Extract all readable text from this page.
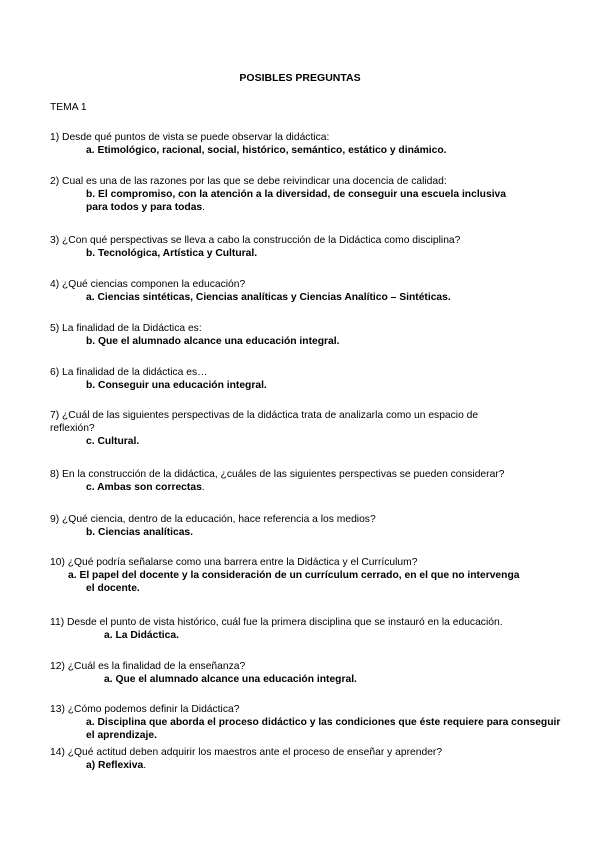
POSIBLES PREGUNTAS
TEMA 1
1) Desde qué puntos de vista se puede observar la didáctica:
a. Etimológico, racional, social, histórico, semántico, estático y dinámico.
2) Cual es una de las razones por las que se debe reivindicar una docencia de calidad:
b. El compromiso, con la atención a la diversidad, de conseguir una escuela inclusiva para todos y para todas.
3) ¿Con qué perspectivas se lleva a cabo la construcción de la Didáctica como disciplina?
b. Tecnológica, Artística y Cultural.
4) ¿Qué ciencias componen la educación?
a. Ciencias sintéticas, Ciencias analíticas y Ciencias Analítico – Sintéticas.
5) La finalidad de la Didáctica es:
b. Que el alumnado alcance una educación integral.
6) La finalidad de la didáctica es…
b. Conseguir una educación integral.
7) ¿Cuál de las siguientes perspectivas de la didáctica trata de analizarla como un espacio de reflexión?
c. Cultural.
8) En la construcción de la didáctica, ¿cuáles de las siguientes perspectivas se pueden considerar?
c. Ambas son correctas.
9) ¿Qué ciencia, dentro de la educación, hace referencia a los medios?
b. Ciencias analíticas.
10) ¿Qué podría señalarse como una barrera entre la Didáctica y el Currículum?
a. El papel del docente y la consideración de un currículum cerrado, en el que no intervenga el docente.
11) Desde el punto de vista histórico, cuál fue la primera disciplina que se instauró en la educación.
a. La Didáctica.
12) ¿Cuál es la finalidad de la enseñanza?
a. Que el alumnado alcance una educación integral.
13) ¿Cómo podemos definir la Didáctica?
a. Disciplina que aborda el proceso didáctico y las condiciones que éste requiere para conseguir el aprendizaje.
14) ¿Qué actitud deben adquirir los maestros ante el proceso de enseñar y aprender?
a) Reflexiva.
